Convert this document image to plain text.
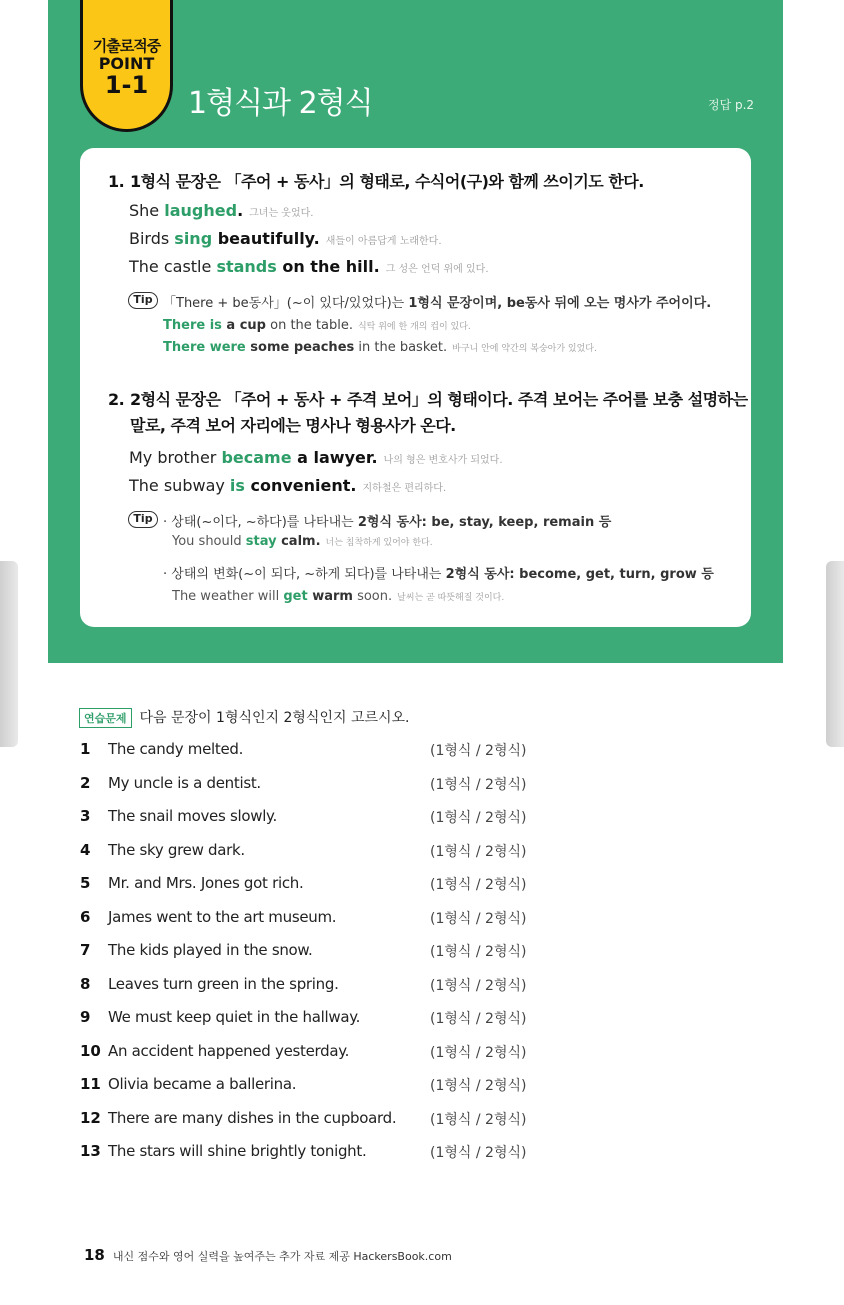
기출로적중
POINT
1-1
1형식과 2형식	정답 p.2
1. 1형식 문장은 「주어 + 동사」의 형태로, 수식어(구)와 함께 쓰이기도 한다.
She laughed. 그녀는 웃었다.
Birds sing beautifully. 새들이 아름답게 노래한다.
The castle stands on the hill. 그 성은 언덕 위에 있다.
Tip 「There + be동사」(~이 있다/있었다)는 1형식 문장이며, be동사 뒤에 오는 명사가 주어이다.
There is a cup on the table. 식탁 위에 한 개의 컵이 있다.
There were some peaches in the basket. 바구니 안에 약간의 복숭아가 있었다.
2. 2형식 문장은 「주어 + 동사 + 주격 보어」의 형태이다. 주격 보어는 주어를 보충 설명하는
말로, 주격 보어 자리에는 명사나 형용사가 온다.
My brother became a lawyer. 나의 형은 변호사가 되었다.
The subway is convenient. 지하철은 편리하다.
Tip · 상태(~이다, ~하다)를 나타내는 2형식 동사: be, stay, keep, remain 등
You should stay calm. 너는 침착하게 있어야 한다.
· 상태의 변화(~이 되다, ~하게 되다)를 나타내는 2형식 동사: become, get, turn, grow 등
The weather will get warm soon. 날씨는 곧 따뜻해질 것이다.
연습문제 다음 문장이 1형식인지 2형식인지 고르시오.
1	The candy melted.	(1형식 / 2형식)
2	My uncle is a dentist.	(1형식 / 2형식)
3	The snail moves slowly.	(1형식 / 2형식)
4	The sky grew dark.	(1형식 / 2형식)
5	Mr. and Mrs. Jones got rich.	(1형식 / 2형식)
6	James went to the art museum.	(1형식 / 2형식)
7	The kids played in the snow.	(1형식 / 2형식)
8	Leaves turn green in the spring.	(1형식 / 2형식)
9	We must keep quiet in the hallway.	(1형식 / 2형식)
10 An accident happened yesterday.	(1형식 / 2형식)
11 Olivia became a ballerina.	(1형식 / 2형식)
12 There are many dishes in the cupboard. (1형식 / 2형식)
13 The stars will shine brightly tonight.	(1형식 / 2형식)
18 내신 점수와 영어 실력을 높여주는 추가 자료 제공 HackersBook.com
